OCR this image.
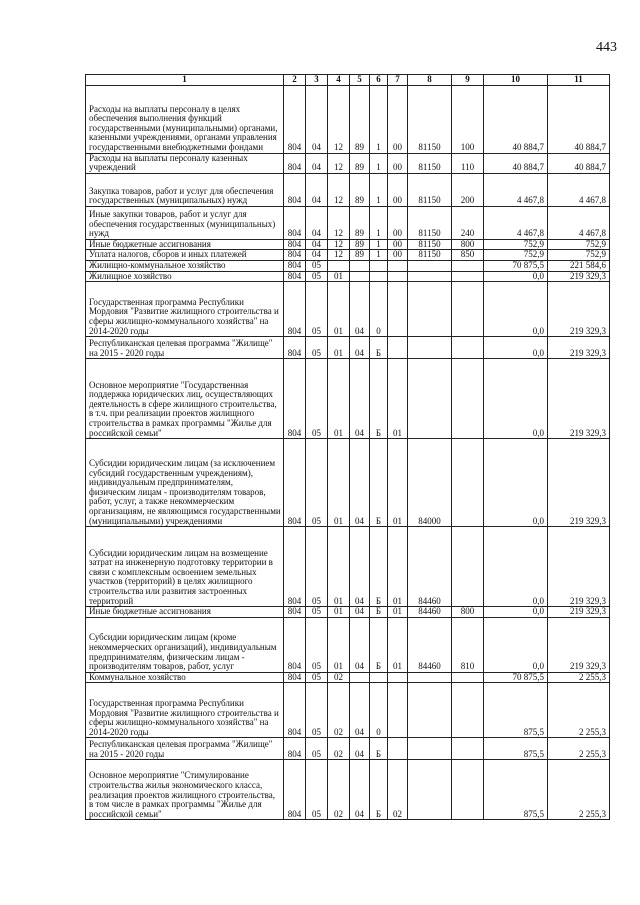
443
1	2	3	4	5	6	7	8	9	10	11
Расходы на выплаты персоналу в целях обеспечения выполнения функций государственными (муниципальными) органами, казенными учреждениями, органами управления государственными внебюджетными фондами	804	04	12	89	1	00	81150	100	40 884,7	40 884,7
Расходы на выплаты персоналу казенных учреждений	804	04	12	89	1	00	81150	110	40 884,7	40 884,7
Закупка товаров, работ и услуг для обеспечения государственных (муниципальных) нужд	804	04	12	89	1	00	81150	200	4 467,8	4 467,8
Иные закупки товаров, работ и услуг для обеспечения государственных (муниципальных) нужд	804	04	12	89	1	00	81150	240	4 467,8	4 467,8
Иные бюджетные ассигнования	804	04	12	89	1	00	81150	800	752,9	752,9
Уплата налогов, сборов и иных платежей	804	04	12	89	1	00	81150	850	752,9	752,9
Жилищно-коммунальное хозяйство	804	05							70 875,5	221 584,6
Жилищное хозяйство	804	05	01						0,0	219 329,3
Государственная программа Республики Мордовия "Развитие жилищного строительства и сферы жилищно-коммунального хозяйства" на 2014-2020 годы	804	05	01	04	0				0,0	219 329,3
Республиканская целевая программа "Жилище" на 2015 - 2020 годы	804	05	01	04	Б				0,0	219 329,3
Основное мероприятие "Государственная поддержка юридических лиц, осуществляющих деятельность в сфере жилищного строительства, в т.ч. при реализации проектов жилищного строительства в рамках программы "Жилье для российской семьи"	804	05	01	04	Б	01			0,0	219 329,3
Субсидии юридическим лицам (за исключением субсидий государственным учреждениям), индивидуальным предпринимателям, физическим лицам - производителям товаров, работ, услуг, а также некоммерческим организациям, не являющимся государственными (муниципальными) учреждениями	804	05	01	04	Б	01	84000		0,0	219 329,3
Субсидии юридическим лицам на возмещение затрат на инженерную подготовку территории в связи с комплексным освоением земельных участков (территорий) в целях жилищного строительства или развития застроенных территорий	804	05	01	04	Б	01	84460		0,0	219 329,3
Иные бюджетные ассигнования	804	05	01	04	Б	01	84460	800	0,0	219 329,3
Субсидии юридическим лицам (кроме некоммерческих организаций), индивидуальным предпринимателям, физическим лицам - производителям товаров, работ, услуг	804	05	01	04	Б	01	84460	810	0,0	219 329,3
Коммунальное хозяйство	804	05	02						70 875,5	2 255,3
Государственная программа Республики Мордовия "Развитие жилищного строительства и сферы жилищно-коммунального хозяйства" на 2014-2020 годы	804	05	02	04	0				875,5	2 255,3
Республиканская целевая программа "Жилище" на 2015 - 2020 годы	804	05	02	04	Б				875,5	2 255,3
Основное мероприятие "Стимулирование строительства жилья экономического класса, реализация проектов жилищного строительства, в том числе в рамках программы "Жилье для российской семьи"	804	05	02	04	Б	02			875,5	2 255,3
